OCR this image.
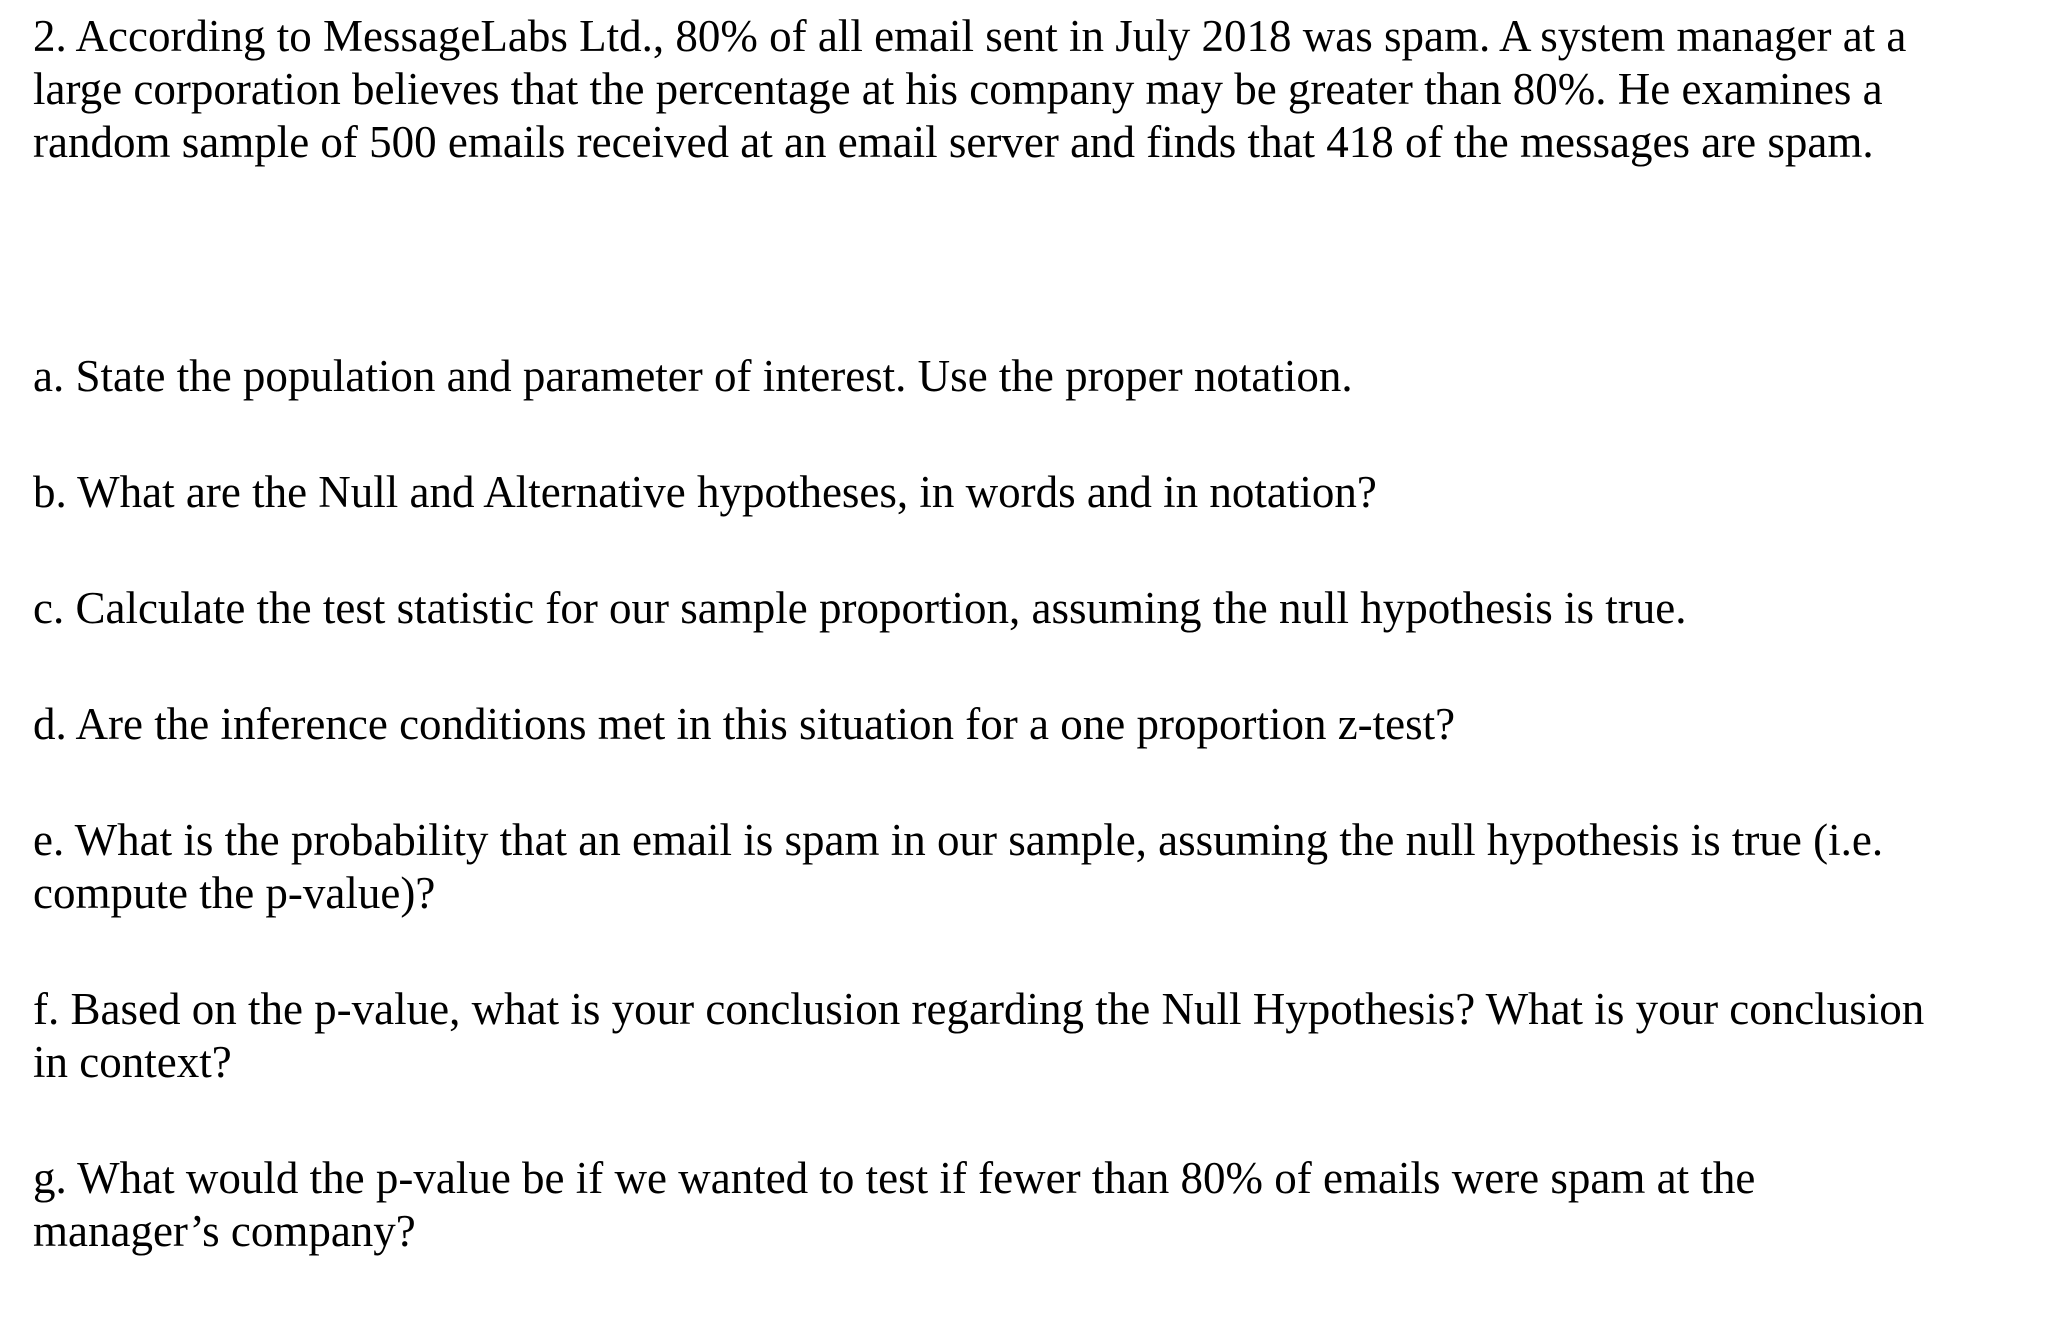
2. According to MessageLabs Ltd., 80% of all email sent in July 2018 was spam. A system manager at a
large corporation believes that the percentage at his company may be greater than 80%. He examines a
random sample of 500 emails received at an email server and finds that 418 of the messages are spam.

a. State the population and parameter of interest. Use the proper notation.

b. What are the Null and Alternative hypotheses, in words and in notation?

c. Calculate the test statistic for our sample proportion, assuming the null hypothesis is true.

d. Are the inference conditions met in this situation for a one proportion z-test?

e. What is the probability that an email is spam in our sample, assuming the null hypothesis is true (i.e.
compute the p-value)?

f. Based on the p-value, what is your conclusion regarding the Null Hypothesis? What is your conclusion
in context?

g. What would the p-value be if we wanted to test if fewer than 80% of emails were spam at the
manager’s company?
